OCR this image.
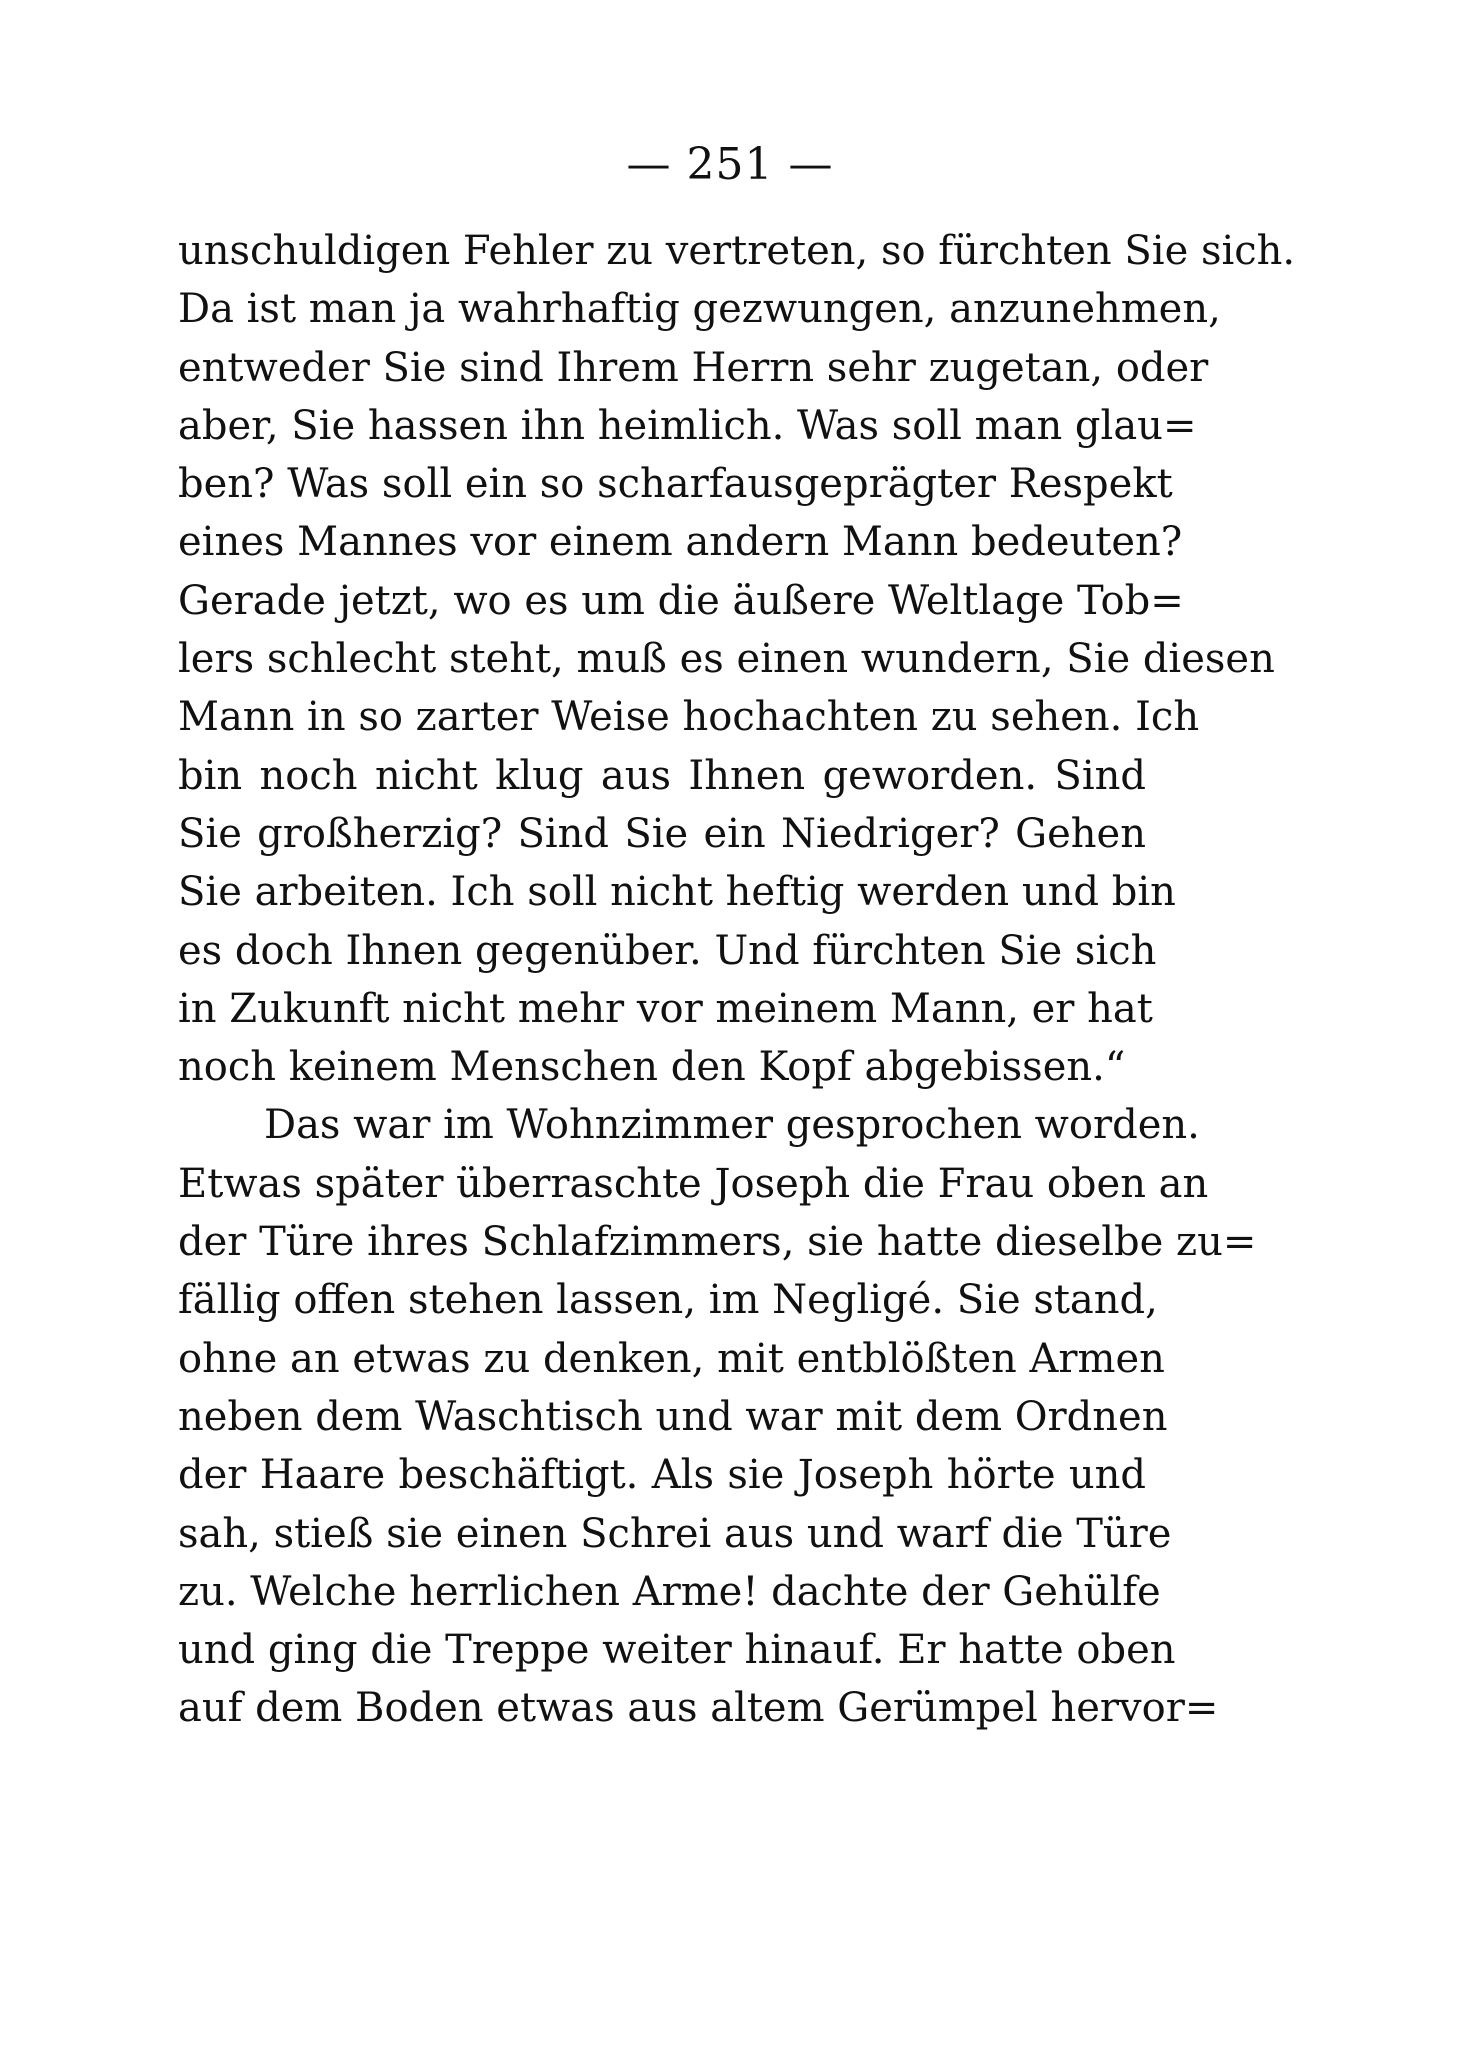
— 251 —
unschuldigen Fehler zu vertreten, so fürchten Sie sich.
Da ist man ja wahrhaftig gezwungen, anzunehmen,
entweder Sie sind Ihrem Herrn sehr zugetan, oder
aber, Sie hassen ihn heimlich. Was soll man glau=
ben? Was soll ein so scharfausgeprägter Respekt
eines Mannes vor einem andern Mann bedeuten?
Gerade jetzt, wo es um die äußere Weltlage Tob=
lers schlecht steht, muß es einen wundern, Sie diesen
Mann in so zarter Weise hochachten zu sehen. Ich
bin noch nicht klug aus Ihnen geworden. Sind
Sie großherzig? Sind Sie ein Niedriger? Gehen
Sie arbeiten. Ich soll nicht heftig werden und bin
es doch Ihnen gegenüber. Und fürchten Sie sich
in Zukunft nicht mehr vor meinem Mann, er hat
noch keinem Menschen den Kopf abgebissen.“
Das war im Wohnzimmer gesprochen worden.
Etwas später überraschte Joseph die Frau oben an
der Türe ihres Schlafzimmers, sie hatte dieselbe zu=
fällig offen stehen lassen, im Negligé. Sie stand,
ohne an etwas zu denken, mit entblößten Armen
neben dem Waschtisch und war mit dem Ordnen
der Haare beschäftigt. Als sie Joseph hörte und
sah, stieß sie einen Schrei aus und warf die Türe
zu. Welche herrlichen Arme! dachte der Gehülfe
und ging die Treppe weiter hinauf. Er hatte oben
auf dem Boden etwas aus altem Gerümpel hervor=
